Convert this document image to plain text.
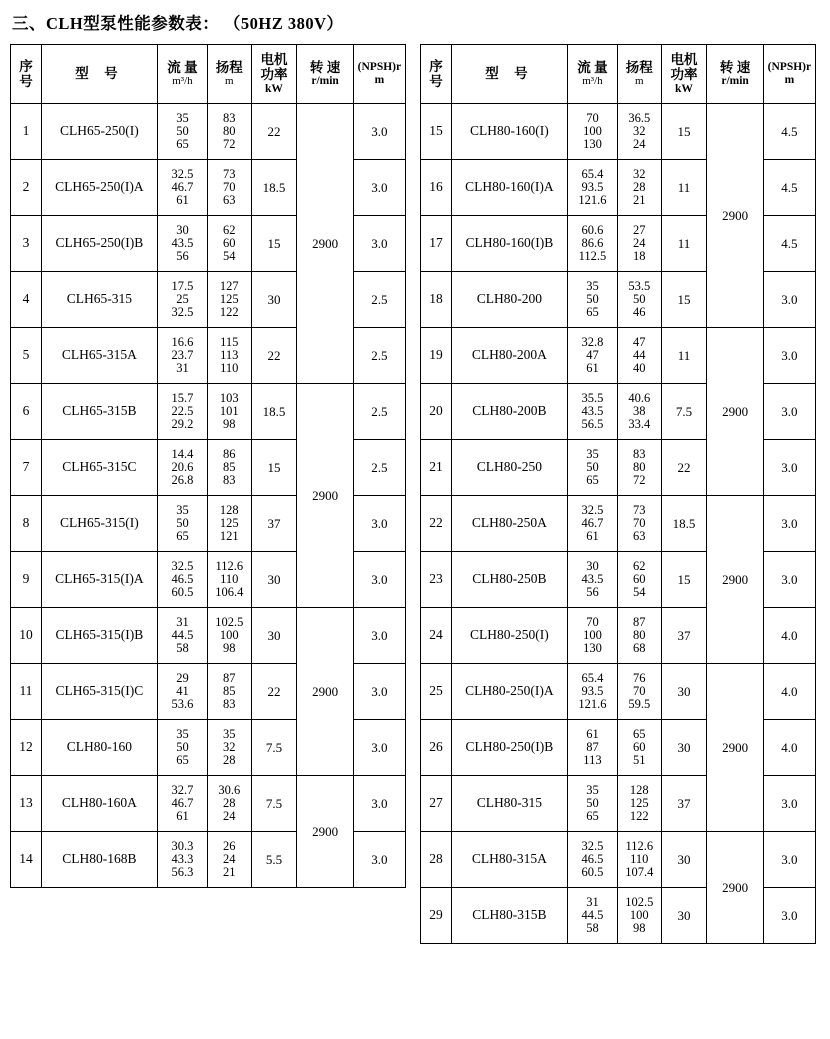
三、CLH型泵性能参数表： （50HZ 380V）
序
号	型 号	流 量
m³/h	扬程
m	电机
功率
kW	转 速
r/min	(NPSH)r
m

1	CLH65-250(I)	35
50
65	83
80
72	22	2900	3.0
2	CLH65-250(I)A	32.5
46.7
61	73
70
63	18.5		3.0
3	CLH65-250(I)B	30
43.5
56	62
60
54	15		3.0
4	CLH65-315	17.5
25
32.5	127
125
122	30		2.5
5	CLH65-315A	16.6
23.7
31	115
113
110	22		2.5
6	CLH65-315B	15.7
22.5
29.2	103
101
98	18.5	2900	2.5
7	CLH65-315C	14.4
20.6
26.8	86
85
83	15		2.5
8	CLH65-315(I)	35
50
65	128
125
121	37		3.0
9	CLH65-315(I)A	32.5
46.5
60.5	112.6
110
106.4	30		3.0
10	CLH65-315(I)B	31
44.5
58	102.5
100
98	30	2900	3.0
11	CLH65-315(I)C	29
41
53.6	87
85
83	22		3.0
12	CLH80-160	35
50
65	35
32
28	7.5		3.0
13	CLH80-160A	32.7
46.7
61	30.6
28
24	7.5	2900	3.0
14	CLH80-168B	30.3
43.3
56.3	26
24
21	5.5		3.0
序
号	型 号	流 量
m³/h	扬程
m	电机
功率
kW	转 速
r/min	(NPSH)r
m

15	CLH80-160(I)	70
100
130	36.5
32
24	15	2900	4.5
16	CLH80-160(I)A	65.4
93.5
121.6	32
28
21	11		4.5
17	CLH80-160(I)B	60.6
86.6
112.5	27
24
18	11		4.5
18	CLH80-200	35
50
65	53.5
50
46	15		3.0
19	CLH80-200A	32.8
47
61	47
44
40	11	2900	3.0
20	CLH80-200B	35.5
43.5
56.5	40.6
38
33.4	7.5		3.0
21	CLH80-250	35
50
65	83
80
72	22		3.0
22	CLH80-250A	32.5
46.7
61	73
70
63	18.5	2900	3.0
23	CLH80-250B	30
43.5
56	62
60
54	15		3.0
24	CLH80-250(I)	70
100
130	87
80
68	37		4.0
25	CLH80-250(I)A	65.4
93.5
121.6	76
70
59.5	30	2900	4.0
26	CLH80-250(I)B	61
87
113	65
60
51	30		4.0
27	CLH80-315	35
50
65	128
125
122	37		3.0
28	CLH80-315A	32.5
46.5
60.5	112.6
110
107.4	30	2900	3.0
29	CLH80-315B	31
44.5
58	102.5
100
98	30		3.0
